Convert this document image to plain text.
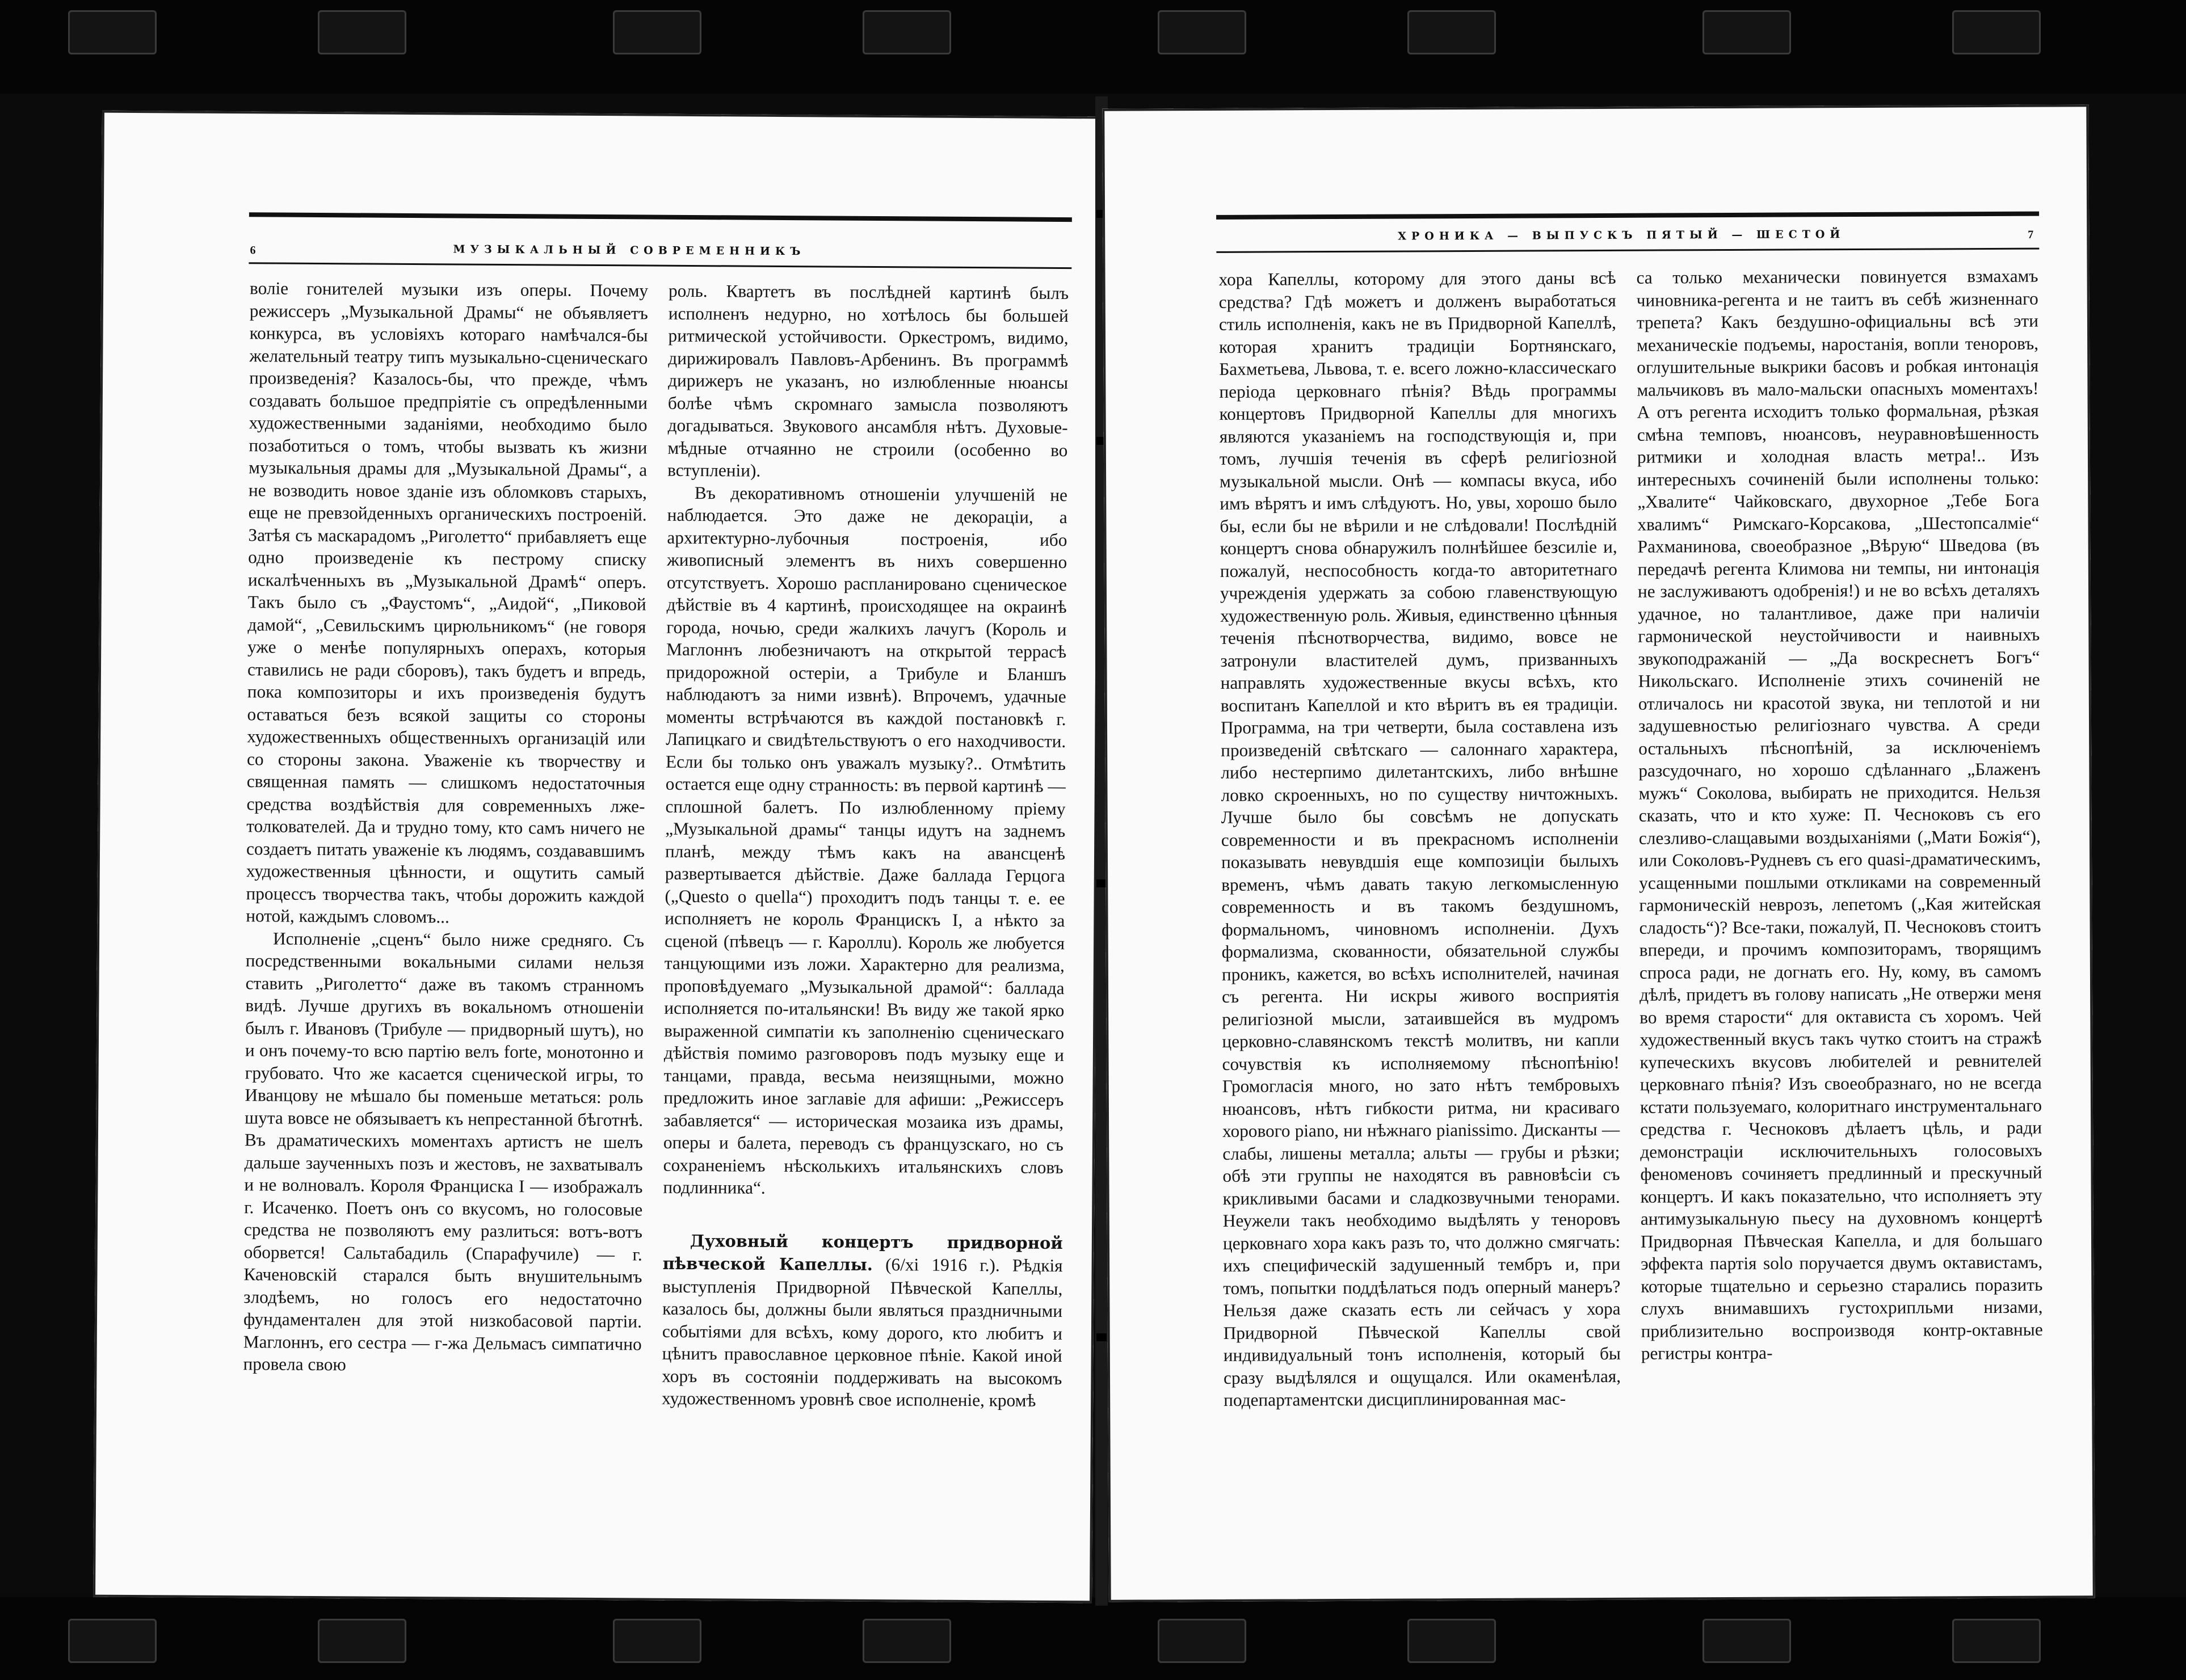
6	МУЗЫКАЛЬНЫЙ СОВРЕМЕННИКЪ

волiе гонителей музыки изъ оперы. Почему режиссеръ „Музыкальной Драмы“ не объявляетъ конкурса, въ условiяхъ котораго намѣчался-бы желательный театру типъ музыкально-сценическаго произведенiя? Казалось-бы, что прежде, чѣмъ создавать большое предпрiятiе съ опредѣленными художественными заданiями, необходимо было позаботиться о томъ, чтобы вызвать къ жизни музыкальныя драмы для „Музыкальной Драмы“, а не возводить новое зданiе изъ обломковъ старыхъ, еще не превзойденныхъ органическихъ построенiй. Затѣя съ маскарадомъ „Риголетто“ прибавляетъ еще одно произведенiе къ пестрому списку искалѣченныхъ въ „Музыкальной Драмѣ“ оперъ. Такъ было съ „Фаустомъ“, „Аидой“, „Пиковой дамой“, „Севильскимъ цирюльникомъ“ (не говоря уже о менѣе популярныхъ операхъ, которыя ставились не ради сборовъ), такъ будетъ и впредь, пока композиторы и ихъ произведенiя будутъ оставаться безъ всякой защиты со стороны художественныхъ общественныхъ организацiй или со стороны закона. Уваженiе къ творчеству и священная память — слишкомъ недостаточныя средства воздѣйствiя для современныхъ лже-толкователей. Да и трудно тому, кто самъ ничего не создаетъ питать уваженiе къ людямъ, создававшимъ художественныя цѣнности, и ощутить самый процессъ творчества такъ, чтобы дорожить каждой нотой, каждымъ словомъ...

Исполненiе „сценъ“ было ниже средняго. Съ посредственными вокальными силами нельзя ставить „Риголетто“ даже въ такомъ странномъ видѣ. Лучше другихъ въ вокальномъ отношенiи былъ г. Ивановъ (Трибуле — придворный шутъ), но и онъ почему-то всю партiю велъ forte, монотонно и грубовато. Что же касается сценической игры, то Иванцову не мѣшало бы поменьше метаться: роль шута вовсе не обязываетъ къ непрестанной бѣготнѣ. Въ драматическихъ моментахъ артистъ не шелъ дальше заученныхъ позъ и жестовъ, не захватывалъ и не волновалъ. Короля Франциска I — изображалъ г. Исаченко. Поетъ онъ со вкусомъ, но голосовые средства не позволяютъ ему разлиться: вотъ-вотъ оборвется! Сальтабадиль (Спарафучиле) — г. Каченовскiй старался быть внушительнымъ злодѣемъ, но голосъ его недостаточно фундаментален для этой низкобасовой партiи. Маглоннъ, его сестра — г-жа Дельмасъ симпатично провела свою

роль. Квартетъ въ послѣдней картинѣ былъ исполненъ недурно, но хотѣлось бы большей ритмической устойчивости. Оркестромъ, видимо, дирижировалъ Павловъ-Арбенинъ. Въ программѣ дирижеръ не указанъ, но излюбленные нюансы болѣе чѣмъ скромнаго замысла позволяютъ догадываться. Звукового ансамбля нѣтъ. Духовые-мѣдные отчаянно не строили (особенно во вступленiи).

Въ декоративномъ отношенiи улучшенiй не наблюдается. Это даже не декорацiи, а архитектурно-лубочныя построенiя, ибо живописный элементъ въ нихъ совершенно отсутствуетъ. Хорошо распланировано сценическое дѣйствiе въ 4 картинѣ, происходящее на окраинѣ города, ночью, среди жалкихъ лачугъ (Король и Маглоннъ любезничаютъ на открытой террасѣ придорожной остерiи, а Трибуле и Бланшъ наблюдаютъ за ними извнѣ). Впрочемъ, удачные моменты встрѣчаются въ каждой постановкѣ г. Лапицкаго и свидѣтельствуютъ о его находчивости. Если бы только онъ уважалъ музыку?.. Отмѣтить остается еще одну странность: въ первой картинѣ — сплошной балетъ. По излюбленному прiему „Музыкальной драмы“ танцы идутъ на заднемъ планѣ, между тѣмъ какъ на авансценѣ развертывается дѣйствiе. Даже баллада Герцога („Questo o quella“) проходитъ подъ танцы т. е. ее исполняетъ не король Францискъ I, а нѣкто за сценой (пѣвецъ — г. Кароллu). Король же любуется танцующими изъ ложи. Характерно для реализма, проповѣдуемаго „Музыкальной драмой“: баллада исполняется по-итальянски! Въ виду же такой ярко выраженной симпатiи къ заполненiю сценическаго дѣйствiя помимо разговоровъ подъ музыку еще и танцами, правда, весьма неизящными, можно предложить иное заглавiе для афиши: „Режиссеръ забавляется“ — историческая мозаика изъ драмы, оперы и балета, переводъ съ французскаго, но съ сохраненiемъ нѣсколькихъ итальянскихъ словъ подлинника“.

Духовный концертъ придворной пѣвческой Капеллы. (6/xi 1916 г.). Рѣдкiя выступленiя Придворной Пѣвческой Капеллы, казалось бы, должны были являться праздничными событiями для всѣхъ, кому дорого, кто любитъ и цѣнитъ православное церковное пѣнiе. Какой иной хоръ въ состоянiи поддерживать на высокомъ художественномъ уровнѣ свое исполненiе, кромѣ

ХРОНИКА — ВЫПУСКЪ ПЯТЫЙ — ШЕСТОЙ	7

хора Капеллы, которому для этого даны всѣ средства? Гдѣ можетъ и долженъ выработаться стиль исполненiя, какъ не въ Придворной Капеллѣ, которая хранитъ традицiи Бортнянскаго, Бахметьева, Львова, т. е. всего ложно-классическаго перiода церковнаго пѣнiя? Вѣдь программы концертовъ Придворной Капеллы для многихъ являются указанiемъ на господствующiя и, при томъ, лучшiя теченiя въ сферѣ религiозной музыкальной мысли. Онѣ — компасы вкуса, ибо имъ вѣрятъ и имъ слѣдуютъ. Но, увы, хорошо было бы, если бы не вѣрили и не слѣдовали! Послѣднiй концертъ снова обнаружилъ полнѣйшее безсилiе и, пожалуй, неспособность когда-то авторитетнаго учрежденiя удержать за собою главенствующую художественную роль. Живыя, единственно цѣнныя теченiя пѣснотворчества, видимо, вовсе не затронули властителей думъ, призванныхъ направлять художественные вкусы всѣхъ, кто воспитанъ Капеллой и кто вѣритъ въ ея традицiи. Программа, на три четверти, была составлена изъ произведенiй свѣтскаго — салоннаго характера, либо нестерпимо дилетантскихъ, либо внѣшне ловко скроенныхъ, но по существу ничтожныхъ. Лучше было бы совсѣмъ не допускать современности и въ прекрасномъ исполненiи показывать невувдшiя еще композицiи былыхъ временъ, чѣмъ давать такую легкомысленную современность и въ такомъ бездушномъ, формальномъ, чиновномъ исполненiи. Духъ формализма, скованности, обязательной службы проникъ, кажется, во всѣхъ исполнителей, начиная съ регента. Ни искры живого восприятiя религiозной мысли, затаившейся въ мудромъ церковно-славянскомъ текстѣ молитвъ, ни капли сочувствiя къ исполняемому пѣснопѣнiю! Громогласiя много, но зато нѣтъ тембровыхъ нюансовъ, нѣтъ гибкости ритма, ни красиваго хорового piano, ни нѣжнаго pianissimo. Дисканты — слабы, лишены металла; альты — грубы и рѣзки; обѣ эти группы не находятся въ равновѣсiи съ крикливыми басами и сладкозвучными тенорами. Неужели такъ необходимо выдѣлять у теноровъ церковнаго хора какъ разъ то, что должно смягчать: ихъ специфическiй задушенный тембръ и, при томъ, попытки поддѣлаться подъ оперный манеръ? Нельзя даже сказать есть ли сейчасъ у хора Придворной Пѣвческой Капеллы свой индивидуальный тонъ исполненiя, который бы сразу выдѣлялся и ощущался. Или окаменѣлая, подепартаментски дисциплинированная мас-

са только механически повинуется взмахамъ чиновника-регента и не таитъ въ себѣ жизненнаго трепета? Какъ бездушно-официальны всѣ эти механическiе подъемы, наростанiя, вопли теноровъ, оглушительные выкрики басовъ и робкая интонацiя мальчиковъ въ мало-мальски опасныхъ моментахъ! А отъ регента исходитъ только формальная, рѣзкая смѣна темповъ, нюансовъ, неуравновѣшенность ритмики и холодная власть метра!.. Изъ интересныхъ сочиненiй были исполнены только: „Хвалите“ Чайковскаго, двухорное „Тебе Бога хвалимъ“ Римскаго-Корсакова, „Шестопсалмiе“ Рахманинова, своеобразное „Вѣрую“ Шведова (въ передачѣ регента Климова ни темпы, ни интонацiя не заслуживаютъ одобренiя!) и не во всѣхъ деталяхъ удачное, но талантливое, даже при наличiи гармонической неустойчивости и наивныхъ звукоподражанiй — „Да воскреснетъ Богъ“ Никольскаго. Исполненiе этихъ сочиненiй не отличалось ни красотой звука, ни теплотой и ни задушевностью религiознаго чувства. А среди остальныхъ пѣснопѣнiй, за исключенiемъ разсудочнаго, но хорошо сдѣланнаго „Блаженъ мужъ“ Соколова, выбирать не приходится. Нельзя сказать, что и кто хуже: П. Чесноковъ съ его слезливо-слащавыми воздыханiями („Мати Божiя“), или Соколовъ-Рудневъ съ его quasi-драматическимъ, усащенными пошлыми откликами на современный гармоническiй неврозъ, лепетомъ („Кая житейская сладость“)? Все-таки, пожалуй, П. Чесноковъ стоитъ впереди, и прочимъ композиторамъ, творящимъ спроса ради, не догнать его. Ну, кому, въ самомъ дѣлѣ, придетъ въ голову написать „Не отвержи меня во время старости“ для октависта съ хоромъ. Чей художественный вкусъ такъ чутко стоитъ на стражѣ купеческихъ вкусовъ любителей и ревнителей церковнаго пѣнiя? Изъ своеобразнаго, но не всегда кстати пользуемаго, колоритнаго инструментальнаго средства г. Чесноковъ дѣлаетъ цѣль, и ради демонстрацiи исключительныхъ голосовыхъ феноменовъ сочиняетъ предлинный и прескучный концертъ. И какъ показательно, что исполняетъ эту антимузыкальную пьесу на духовномъ концертѣ Придворная Пѣвческая Капелла, и для большаго эффекта партiя solo поручается двумъ октавистамъ, которые тщательно и серьезно старались поразить слухъ внимавшихъ густохрипльми низами, приблизительно воспроизводя контр-октавные регистры контра-
